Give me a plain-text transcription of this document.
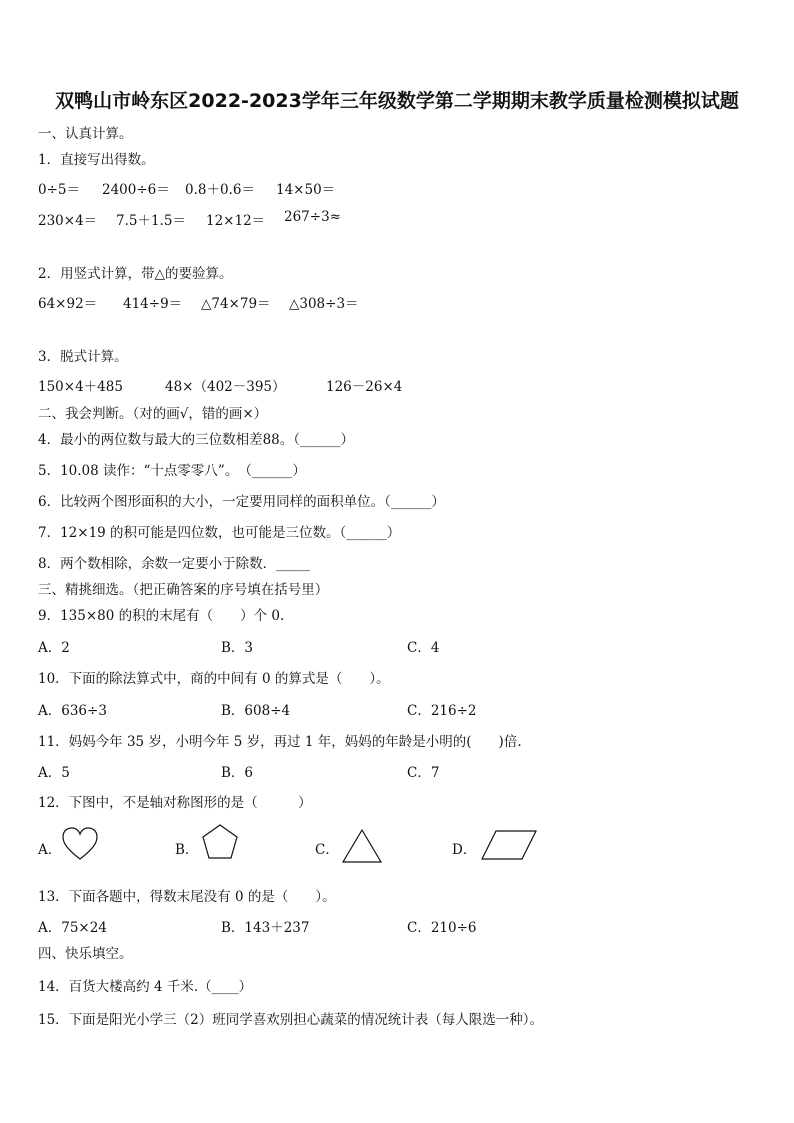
双鸭山市岭东区2022-2023学年三年级数学第二学期期末教学质量检测模拟试题
一、认真计算。
1．直接写出得数。
0÷5＝ 2400÷6＝ 0.8＋0.6＝ 14×50＝
230×4＝ 7.5＋1.5＝ 12×12＝ 267÷3≈
2．用竖式计算，带△的要验算。
64×92＝ 414÷9＝ △74×79＝ △308÷3＝
3．脱式计算。
150×4＋485	48×（402－395）	126－26×4
二、我会判断。（对的画√，错的画×）
4．最小的两位数与最大的三位数相差88。（______）
5．10.08 读作：“十点零零八”。　（______）
6．比较两个图形面积的大小，一定要用同样的面积单位。（______）
7．12×19 的积可能是四位数，也可能是三位数。（______）
8．两个数相除，余数一定要小于除数．_____
三、精挑细选。（把正确答案的序号填在括号里）
9．135×80 的积的末尾有（　　）个 0.
A．2	B．3	C．4
10．下面的除法算式中，商的中间有 0 的算式是（　　）。
A．636÷3	B．608÷4	C．216÷2
11．妈妈今年 35 岁，小明今年 5 岁，再过 1 年，妈妈的年龄是小明的(　　)倍.
A．5	B．6	C．7
12．下图中，不是轴对称图形的是（　　　）
A．	B．	C．	D．
13．下面各题中，得数末尾没有 0 的是（　　）。
A．75×24	B．143＋237	C．210÷6
四、快乐填空。
14．百货大楼高约 4 千米.（____）
15．下面是阳光小学三（2）班同学喜欢别担心蔬菜的情况统计表（每人限选一种）。
